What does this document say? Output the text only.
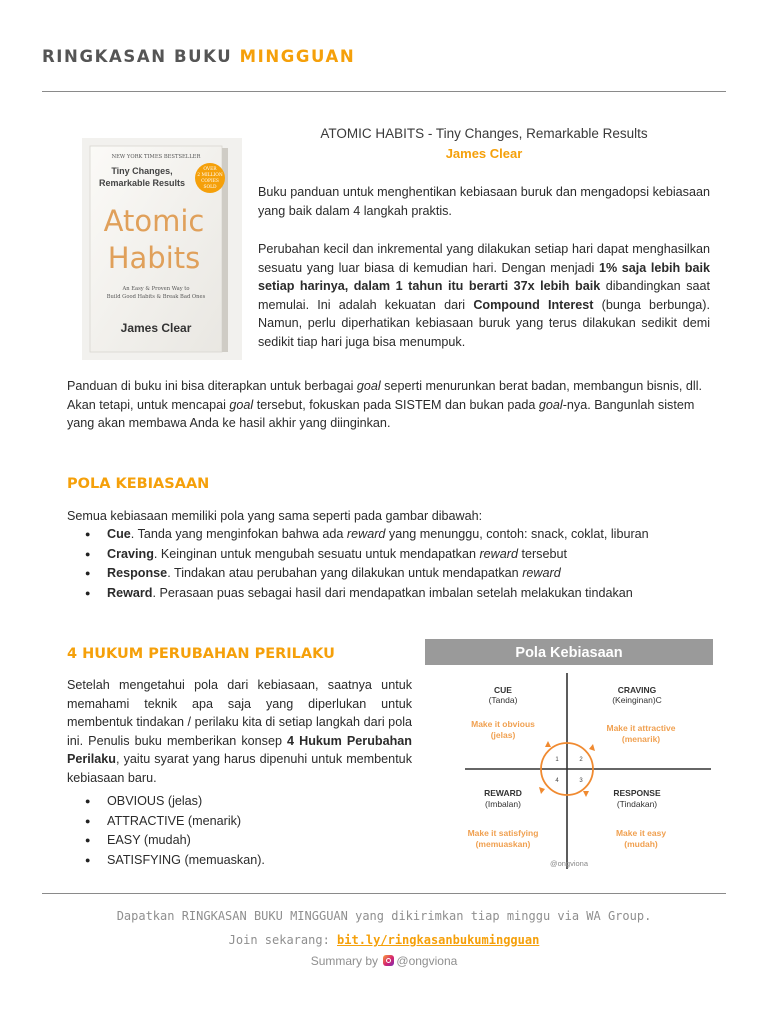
RINGKASAN BUKU MINGGUAN
NEW YORK TIMES BESTSELLER
Tiny Changes,
Remarkable Results
OVER
2 MILLION
COPIES
SOLD
Atomic
Habits
An Easy & Proven Way to
Build Good Habits & Break Bad Ones
James Clear
ATOMIC HABITS - Tiny Changes, Remarkable Results
James Clear
Buku panduan untuk menghentikan kebiasaan buruk dan mengadopsi kebiasaan yang baik dalam 4 langkah praktis.
Perubahan kecil dan inkremental yang dilakukan setiap hari dapat menghasilkan sesuatu yang luar biasa di kemudian hari. Dengan menjadi 1% saja lebih baik setiap harinya, dalam 1 tahun itu berarti 37x lebih baik dibandingkan saat memulai. Ini adalah kekuatan dari Compound Interest (bunga berbunga). Namun, perlu diperhatikan kebiasaan buruk yang terus dilakukan sedikit demi sedikit tiap hari juga bisa menumpuk.
Panduan di buku ini bisa diterapkan untuk berbagai goal seperti menurunkan berat badan, membangun bisnis, dll. Akan tetapi, untuk mencapai goal tersebut, fokuskan pada SISTEM dan bukan pada goal-nya. Bangunlah sistem yang akan membawa Anda ke hasil akhir yang diinginkan.
POLA KEBIASAAN
Semua kebiasaan memiliki pola yang sama seperti pada gambar dibawah:
● Cue. Tanda yang menginfokan bahwa ada reward yang menunggu, contoh: snack, coklat, liburan
● Craving. Keinginan untuk mengubah sesuatu untuk mendapatkan reward tersebut
● Response. Tindakan atau perubahan yang dilakukan untuk mendapatkan reward
● Reward. Perasaan puas sebagai hasil dari mendapatkan imbalan setelah melakukan tindakan
4 HUKUM PERUBAHAN PERILAKU
Setelah mengetahui pola dari kebiasaan, saatnya untuk memahami teknik apa saja yang diperlukan untuk membentuk tindakan / perilaku kita di setiap langkah dari pola ini. Penulis buku memberikan konsep 4 Hukum Perubahan Perilaku, yaitu syarat yang harus dipenuhi untuk membentuk kebiasaan baru.
● OBVIOUS (jelas)
● ATTRACTIVE (menarik)
● EASY (mudah)
● SATISFYING (memuaskan).
Pola Kebiasaan
CUE
(Tanda)
Make it obvious
(jelas)
CRAVING
(Keinginan)C
Make it attractive
(menarik)
REWARD
(Imbalan)
Make it satisfying
(memuaskan)
RESPONSE
(Tindakan)
Make it easy
(mudah)
1	2
3
4
@ongviona
Dapatkan RINGKASAN BUKU MINGGUAN yang dikirimkan tiap minggu via WA Group.
Join sekarang: bit.ly/ringkasanbukumingguan
Summary by @ongviona
